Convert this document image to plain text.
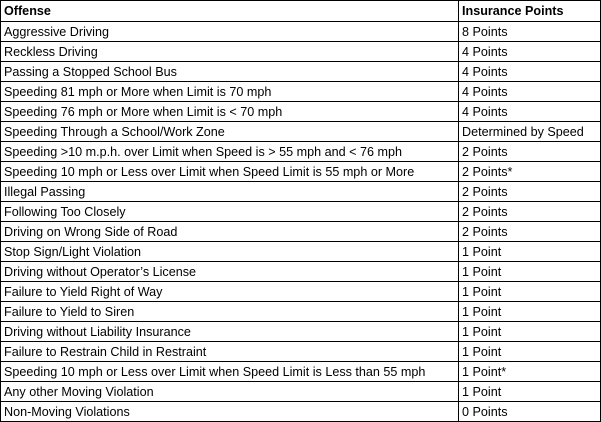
Offense	Insurance Points
Aggressive Driving	8 Points
Reckless Driving	4 Points
Passing a Stopped School Bus	4 Points
Speeding 81 mph or More when Limit is 70 mph	4 Points
Speeding 76 mph or More when Limit is < 70 mph	4 Points
Speeding Through a School/Work Zone	Determined by Speed
Speeding >10 m.p.h. over Limit when Speed is > 55 mph and < 76 mph	2 Points
Speeding 10 mph or Less over Limit when Speed Limit is 55 mph or More	2 Points*
Illegal Passing	2 Points
Following Too Closely	2 Points
Driving on Wrong Side of Road	2 Points
Stop Sign/Light Violation	1 Point
Driving without Operator’s License	1 Point
Failure to Yield Right of Way	1 Point
Failure to Yield to Siren	1 Point
Driving without Liability Insurance	1 Point
Failure to Restrain Child in Restraint	1 Point
Speeding 10 mph or Less over Limit when Speed Limit is Less than 55 mph	1 Point*
Any other Moving Violation	1 Point
Non-Moving Violations	0 Points
